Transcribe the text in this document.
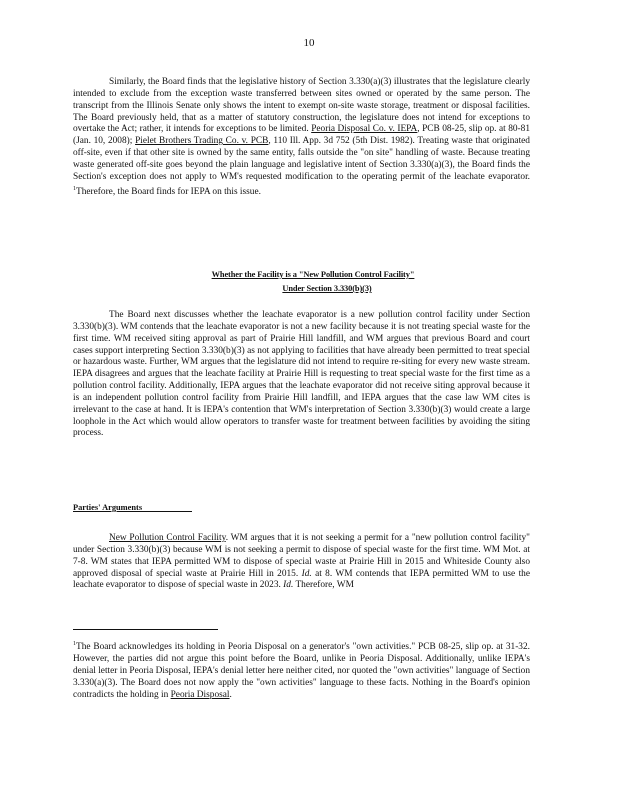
10
Similarly, the Board finds that the legislative history of Section 3.330(a)(3) illustrates that the legislature clearly intended to exclude from the exception waste transferred between sites owned or operated by the same person. The transcript from the Illinois Senate only shows the intent to exempt on-site waste storage, treatment or disposal facilities. The Board previously held, that as a matter of statutory construction, the legislature does not intend for exceptions to overtake the Act; rather, it intends for exceptions to be limited. Peoria Disposal Co. v. IEPA, PCB 08-25, slip op. at 80-81 (Jan. 10, 2008); Pielet Brothers Trading Co. v. PCB, 110 Ill. App. 3d 752 (5th Dist. 1982). Treating waste that originated off-site, even if that other site is owned by the same entity, falls outside the "on site" handling of waste. Because treating waste generated off-site goes beyond the plain language and legislative intent of Section 3.330(a)(3), the Board finds the Section's exception does not apply to WM's requested modification to the operating permit of the leachate evaporator. $^1$Therefore, the Board finds for IEPA on this issue.
Whether the Facility is a "New Pollution Control Facility"
Under Section 3.330(b)(3)
The Board next discusses whether the leachate evaporator is a new pollution control facility under Section 3.330(b)(3). WM contends that the leachate evaporator is not a new facility because it is not treating special waste for the first time. WM received siting approval as part of Prairie Hill landfill, and WM argues that previous Board and court cases support interpreting Section 3.330(b)(3) as not applying to facilities that have already been permitted to treat special or hazardous waste. Further, WM argues that the legislature did not intend to require re-siting for every new waste stream. IEPA disagrees and argues that the leachate facility at Prairie Hill is requesting to treat special waste for the first time as a pollution control facility. Additionally, IEPA argues that the leachate evaporator did not receive siting approval because it is an independent pollution control facility from Prairie Hill landfill, and IEPA argues that the case law WM cites is irrelevant to the case at hand. It is IEPA's contention that WM's interpretation of Section 3.330(b)(3) would create a large loophole in the Act which would allow operators to transfer waste for treatment between facilities by avoiding the siting process.
Parties' Arguments
New Pollution Control Facility. WM argues that it is not seeking a permit for a "new pollution control facility" under Section 3.330(b)(3) because WM is not seeking a permit to dispose of special waste for the first time. WM Mot. at 7-8. WM states that IEPA permitted WM to dispose of special waste at Prairie Hill in 2015 and Whiteside County also approved disposal of special waste at Prairie Hill in 2015. Id. at 8. WM contends that IEPA permitted WM to use the leachate evaporator to dispose of special waste in 2023. Id. Therefore, WM
$^1$The Board acknowledges its holding in Peoria Disposal on a generator's "own activities." PCB 08-25, slip op. at 31-32. However, the parties did not argue this point before the Board, unlike in Peoria Disposal. Additionally, unlike IEPA's denial letter in Peoria Disposal, IEPA's denial letter here neither cited, nor quoted the "own activities" language of Section 3.330(a)(3). The Board does not now apply the "own activities" language to these facts. Nothing in the Board's opinion contradicts the holding in Peoria Disposal.
